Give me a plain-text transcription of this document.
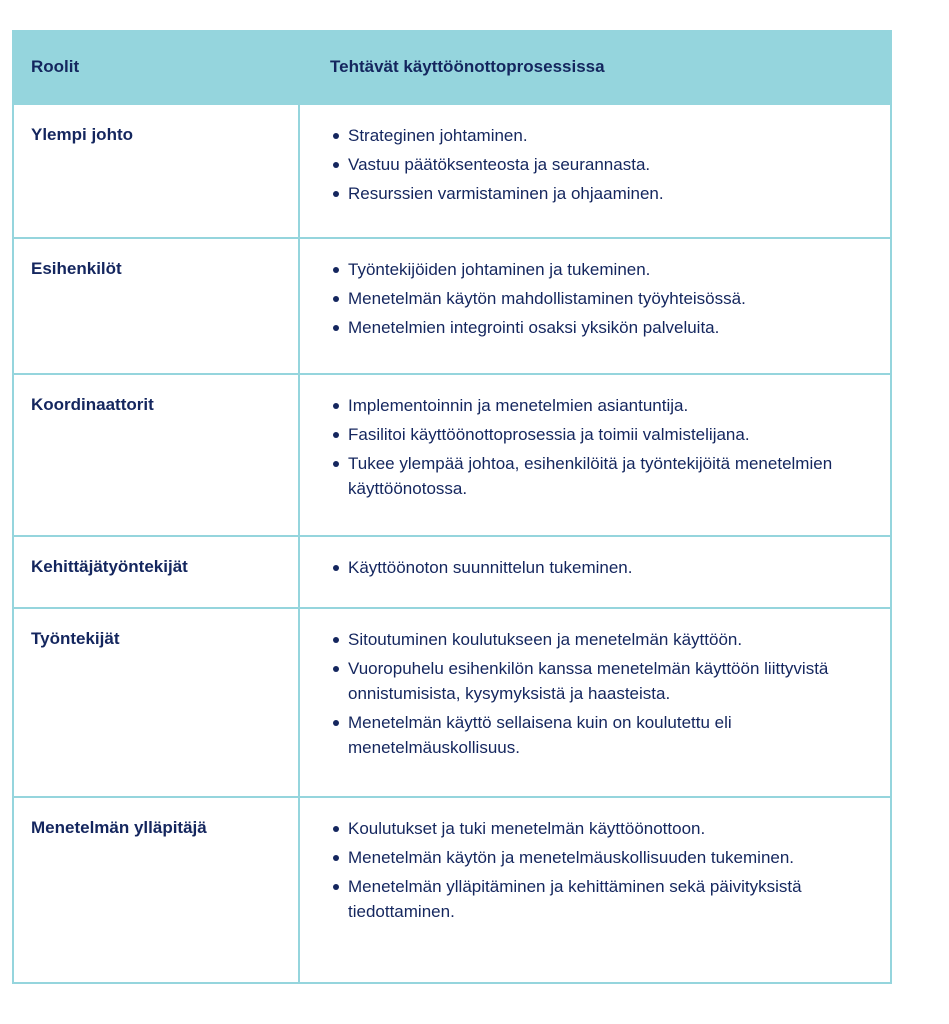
Roolit	Tehtävät käyttöönottoprosessissa
Ylempi johto	Strateginen johtaminen.
Vastuu päätöksenteosta ja seurannasta.
Resurssien varmistaminen ja ohjaaminen.
Esihenkilöt	Työntekijöiden johtaminen ja tukeminen.
Menetelmän käytön mahdollistaminen työyhteisössä.
Menetelmien integrointi osaksi yksikön palveluita.
Koordinaattorit	Implementoinnin ja menetelmien asiantuntija.
Fasilitoi käyttöönottoprosessia ja toimii valmistelijana.
Tukee ylempää johtoa, esihenkilöitä ja työntekijöitä menetelmien käyttöönotossa.
Kehittäjätyöntekijät	Käyttöönoton suunnittelun tukeminen.
Työntekijät	Sitoutuminen koulutukseen ja menetelmän käyttöön.
Vuoropuhelu esihenkilön kanssa menetelmän käyttöön liittyvistä onnistumisista, kysymyksistä ja haasteista.
Menetelmän käyttö sellaisena kuin on koulutettu eli menetelmäuskollisuus.
Menetelmän ylläpitäjä	Koulutukset ja tuki menetelmän käyttöönottoon.
Menetelmän käytön ja menetelmäuskollisuuden tukeminen.
Menetelmän ylläpitäminen ja kehittäminen sekä päivityksistä tiedottaminen.
